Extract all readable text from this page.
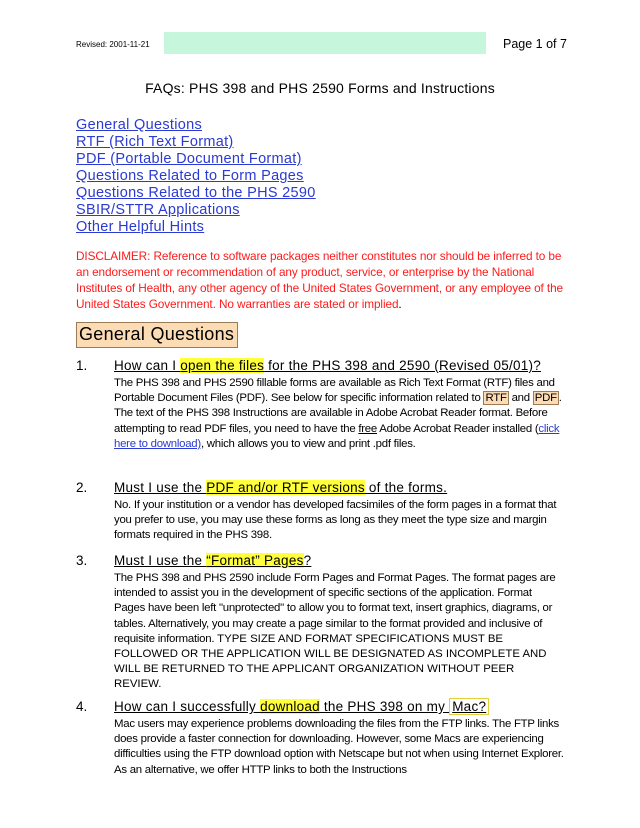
Revised: 2001-11-21	Page 1 of 7
FAQs: PHS 398 and PHS 2590 Forms and Instructions
General Questions
RTF (Rich Text Format)
PDF (Portable Document Format)
Questions Related to Form Pages
Questions Related to the PHS 2590
SBIR/STTR Applications
Other Helpful Hints
DISCLAIMER: Reference to software packages neither constitutes nor should be inferred to be an endorsement or recommendation of any product, service, or enterprise by the National Institutes of Health, any other agency of the United States Government, or any employee of the United States Government. No warranties are stated or implied.
General Questions
1. How can I open the files for the PHS 398 and 2590 (Revised 05/01)?
The PHS 398 and PHS 2590 fillable forms are available as Rich Text Format (RTF) files and Portable Document Files (PDF). See below for specific information related to RTF and PDF . The text of the PHS 398 Instructions are available in Adobe Acrobat Reader format. Before attempting to read PDF files, you need to have the free Adobe Acrobat Reader installed (click here to download), which allows you to view and print .pdf files.
2. Must I use the PDF and/or RTF versions of the forms.
No. If your institution or a vendor has developed facsimiles of the form pages in a format that you prefer to use, you may use these forms as long as they meet the type size and margin formats required in the PHS 398.
3. Must I use the “Format” Pages?
The PHS 398 and PHS 2590 include Form Pages and Format Pages. The format pages are intended to assist you in the development of specific sections of the application. Format Pages have been left "unprotected" to allow you to format text, insert graphics, diagrams, or tables. Alternatively, you may create a page similar to the format provided and inclusive of requisite information. TYPE SIZE AND FORMAT SPECIFICATIONS MUST BE FOLLOWED OR THE APPLICATION WILL BE DESIGNATED AS INCOMPLETE AND WILL BE RETURNED TO THE APPLICANT ORGANIZATION WITHOUT PEER REVIEW.
4. How can I successfully download the PHS 398 on my Mac?
Mac users may experience problems downloading the files from the FTP links. The FTP links does provide a faster connection for downloading. However, some Macs are experiencing difficulties using the FTP download option with Netscape but not when using Internet Explorer. As an alternative, we offer HTTP links to both the Instructions
